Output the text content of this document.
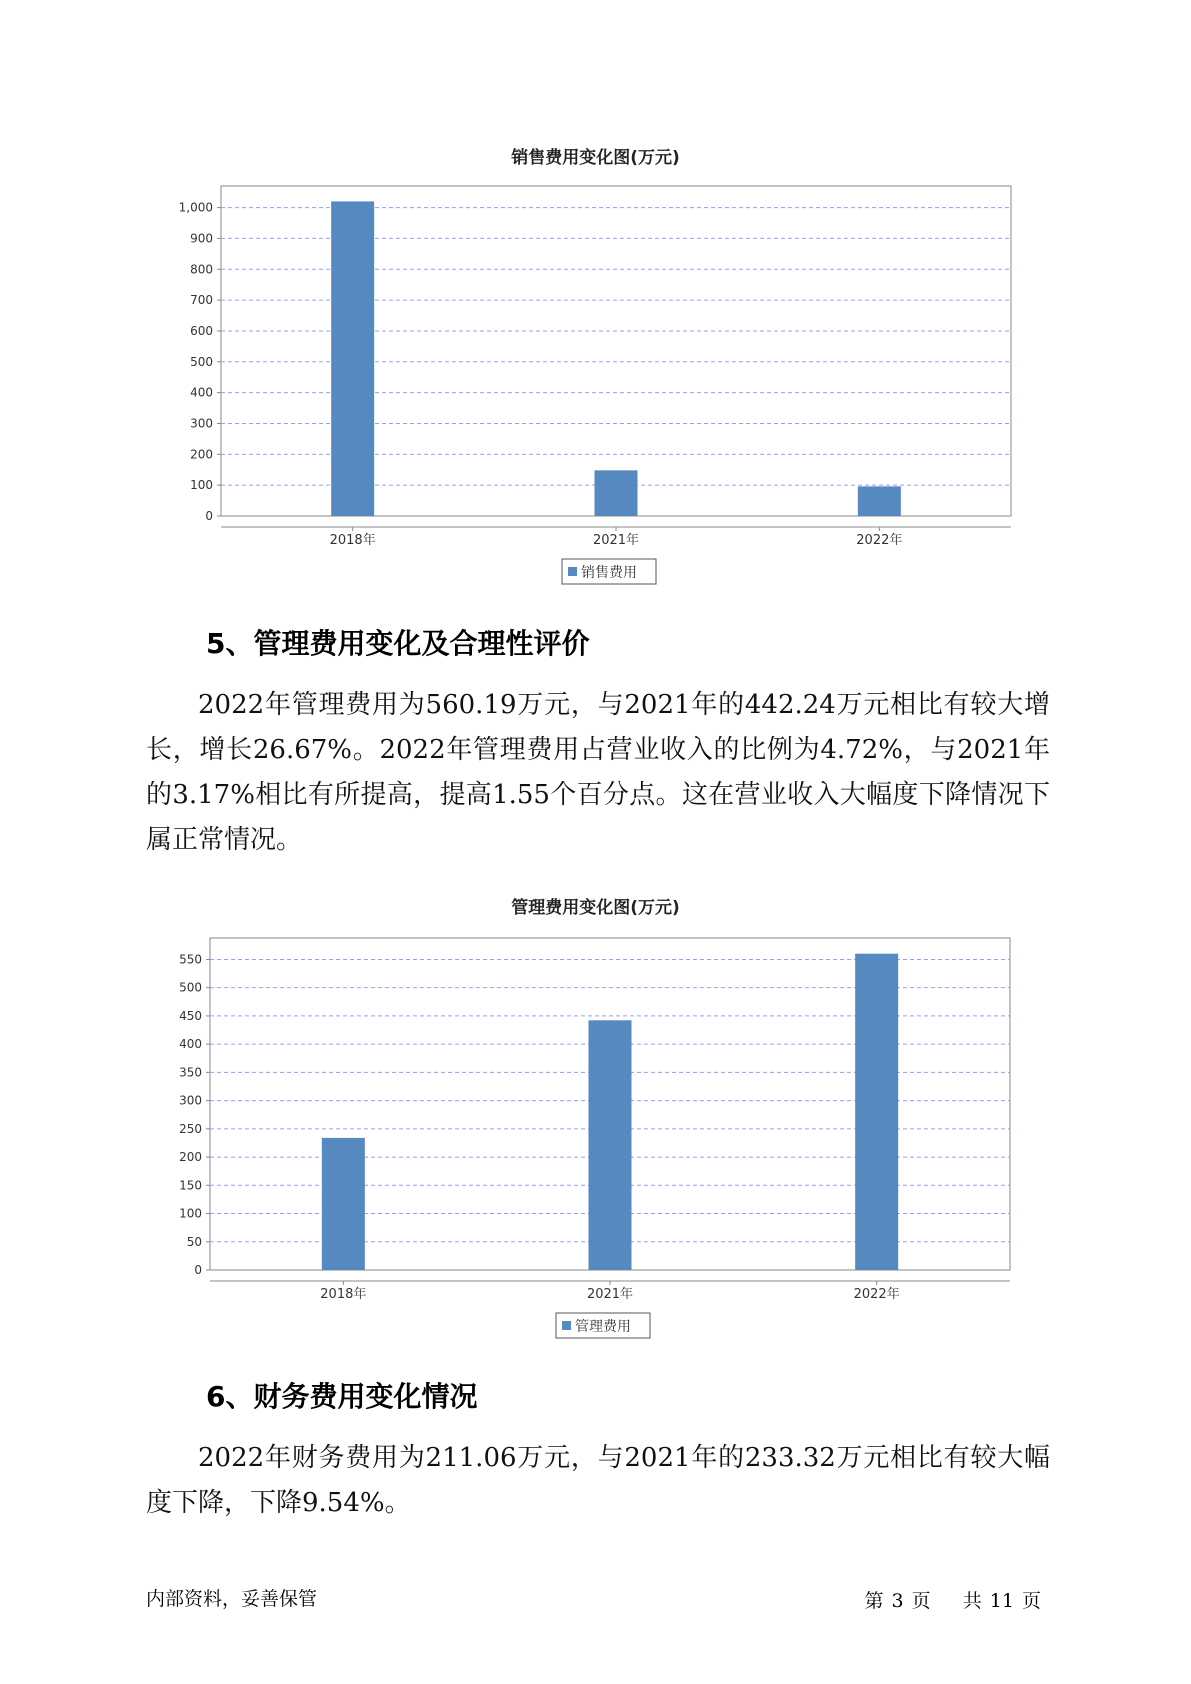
销售费用变化图(万元)
0
100
200
300
400
500
600
700
800
900
1,000
2018年	2021年	2022年
销售费用
5、管理费用变化及合理性评价

2022年管理费用为560.19万元，与2021年的442.24万元相比有较大增长，增长26.67%。2022年管理费用占营业收入的比例为4.72%，与2021年的3.17%相比有所提高，提高1.55个百分点。这在营业收入大幅度下降情况下属正常情况。

管理费用变化图(万元)
0
50
100
150
200
250
300
350
400
450
500
550
2018年	2021年	2022年
管理费用
6、财务费用变化情况

2022年财务费用为211.06万元，与2021年的233.32万元相比有较大幅度下降，下降9.54%。

内部资料，妥善保管	第 3 页 共 11 页
